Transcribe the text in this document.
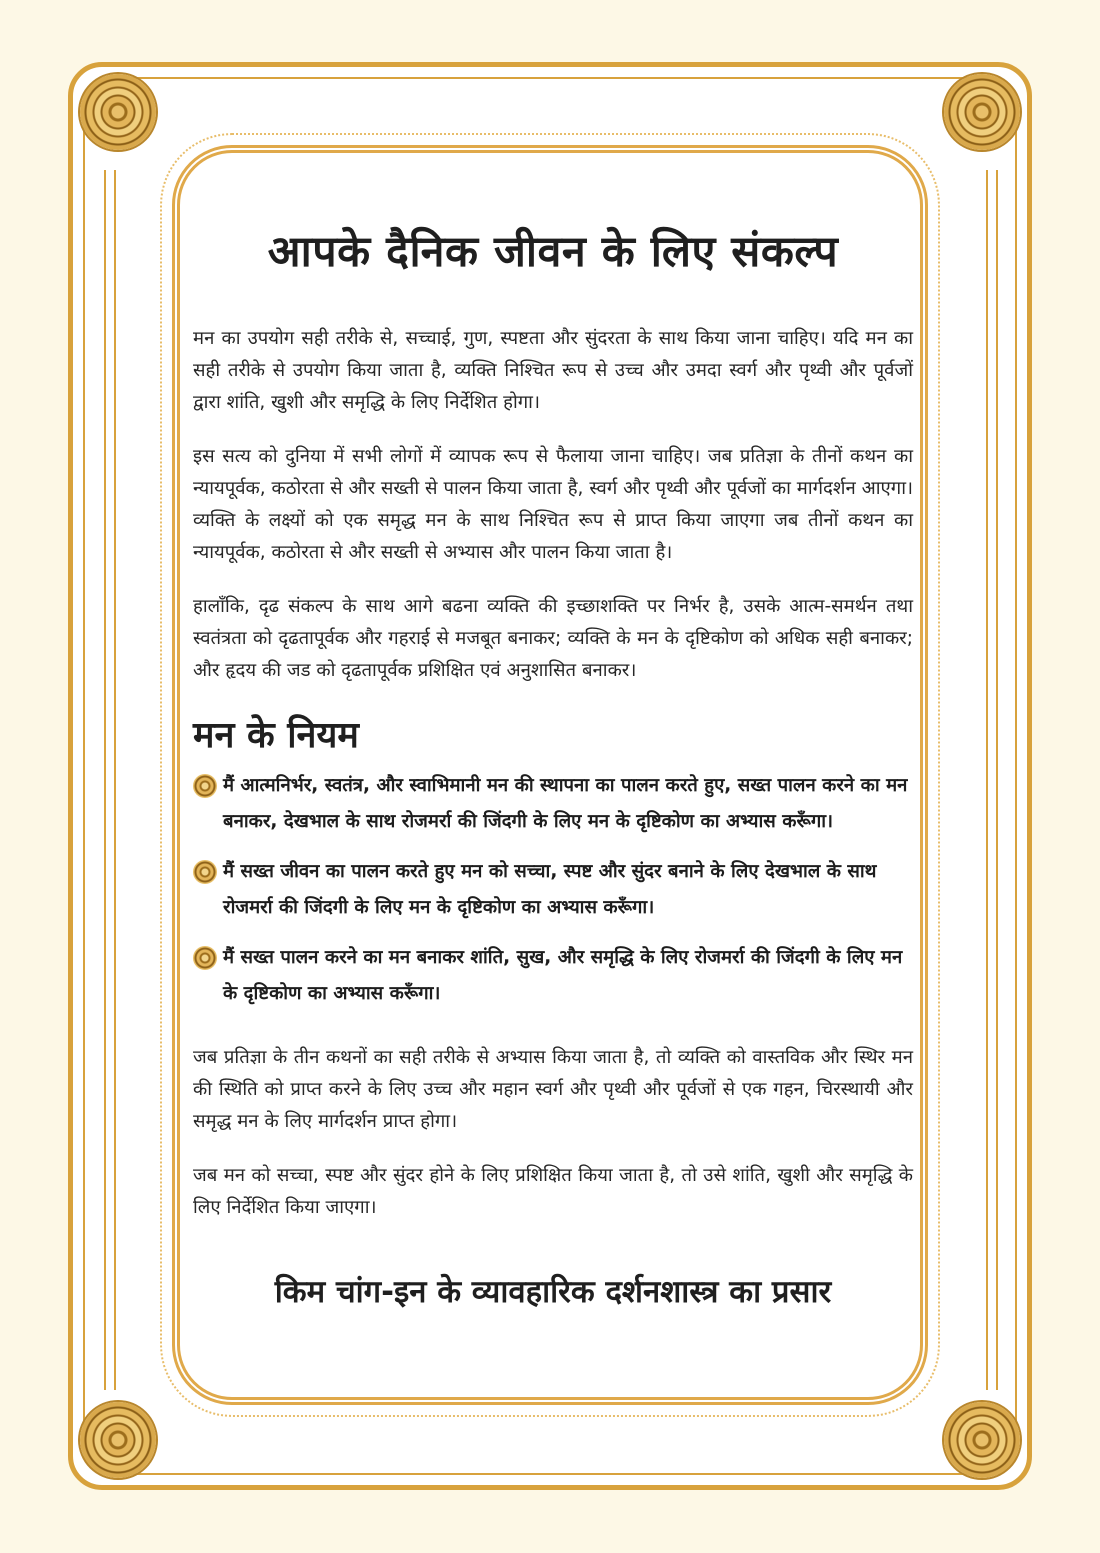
आपके दैनिक जीवन के लिए संकल्प

मन का उपयोग सही तरीके से, सच्चाई, गुण, स्पष्टता और सुंदरता के साथ किया जाना चाहिए। यदि मन का सही तरीके से उपयोग किया जाता है, व्यक्ति निश्चित रूप से उच्च और उमदा स्वर्ग और पृथ्वी और पूर्वजों द्वारा शांति, खुशी और समृद्धि के लिए निर्देशित होगा।

इस सत्य को दुनिया में सभी लोगों में व्यापक रूप से फैलाया जाना चाहिए। जब प्रतिज्ञा के तीनों कथन का न्यायपूर्वक, कठोरता से और सख्ती से पालन किया जाता है, स्वर्ग और पृथ्वी और पूर्वजों का मार्गदर्शन आएगा। व्यक्ति के लक्ष्यों को एक समृद्ध मन के साथ निश्चित रूप से प्राप्त किया जाएगा जब तीनों कथन का न्यायपूर्वक, कठोरता से और सख्ती से अभ्यास और पालन किया जाता है।

हालाँकि, दृढ संकल्प के साथ आगे बढना व्यक्ति की इच्छाशक्ति पर निर्भर है, उसके आत्म-समर्थन तथा स्वतंत्रता को दृढतापूर्वक और गहराई से मजबूत बनाकर; व्यक्ति के मन के दृष्टिकोण को अधिक सही बनाकर; और हृदय की जड को दृढतापूर्वक प्रशिक्षित एवं अनुशासित बनाकर।

मन के नियम
मैं आत्मनिर्भर, स्वतंत्र, और स्वाभिमानी मन की स्थापना का पालन करते हुए, सख्त पालन करने का मन बनाकर, देखभाल के साथ रोजमर्रा की जिंदगी के लिए मन के दृष्टिकोण का अभ्यास करूँगा।
मैं सख्त जीवन का पालन करते हुए मन को सच्चा, स्पष्ट और सुंदर बनाने के लिए देखभाल के साथ रोजमर्रा की जिंदगी के लिए मन के दृष्टिकोण का अभ्यास करूँगा।
मैं सख्त पालन करने का मन बनाकर शांति, सुख, और समृद्धि के लिए रोजमर्रा की जिंदगी के लिए मन के दृष्टिकोण का अभ्यास करूँगा।

जब प्रतिज्ञा के तीन कथनों का सही तरीके से अभ्यास किया जाता है, तो व्यक्ति को वास्तविक और स्थिर मन की स्थिति को प्राप्त करने के लिए उच्च और महान स्वर्ग और पृथ्वी और पूर्वजों से एक गहन, चिरस्थायी और समृद्ध मन के लिए मार्गदर्शन प्राप्त होगा।

जब मन को सच्चा, स्पष्ट और सुंदर होने के लिए प्रशिक्षित किया जाता है, तो उसे शांति, खुशी और समृद्धि के लिए निर्देशित किया जाएगा।

किम चांग-इन के व्यावहारिक दर्शनशास्त्र का प्रसार
